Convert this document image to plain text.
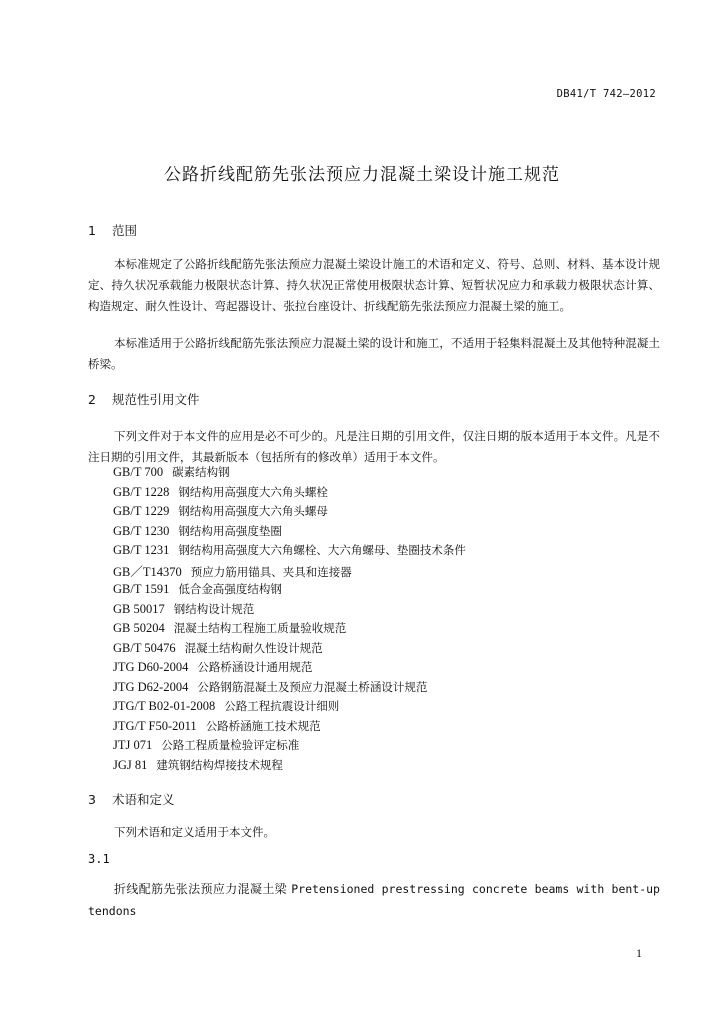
DB41/T 742—2012
公路折线配筋先张法预应力混凝土梁设计施工规范
1 范围

本标准规定了公路折线配筋先张法预应力混凝土梁设计施工的术语和定义、符号、总则、材料、基本设计规定、持久状况承载能力极限状态计算、持久状况正常使用极限状态计算、短暂状况应力和承载力极限状态计算、构造规定、耐久性设计、弯起器设计、张拉台座设计、折线配筋先张法预应力混凝土梁的施工。

本标准适用于公路折线配筋先张法预应力混凝土梁的设计和施工，不适用于轻集料混凝土及其他特种混凝土桥梁。

2 规范性引用文件

下列文件对于本文件的应用是必不可少的。凡是注日期的引用文件，仅注日期的版本适用于本文件。凡是不注日期的引用文件，其最新版本（包括所有的修改单）适用于本文件。

GB/T 700 碳素结构钢
GB/T 1228 钢结构用高强度大六角头螺栓
GB/T 1229 钢结构用高强度大六角头螺母
GB/T 1230 钢结构用高强度垫圈
GB/T 1231 钢结构用高强度大六角螺栓、大六角螺母、垫圈技术条件
GB／T14370 预应力筋用锚具、夹具和连接器
GB/T 1591 低合金高强度结构钢
GB 50017 钢结构设计规范
GB 50204 混凝土结构工程施工质量验收规范
GB/T 50476 混凝土结构耐久性设计规范
JTG D60-2004 公路桥涵设计通用规范
JTG D62-2004 公路钢筋混凝土及预应力混凝土桥涵设计规范
JTG/T B02-01-2008 公路工程抗震设计细则
JTG/T F50-2011 公路桥涵施工技术规范
JTJ 071 公路工程质量检验评定标准
JGJ 81 建筑钢结构焊接技术规程
3 术语和定义

下列术语和定义适用于本文件。

3.1

折线配筋先张法预应力混凝土梁 Pretensioned prestressing concrete beams with bent-up tendons

1
